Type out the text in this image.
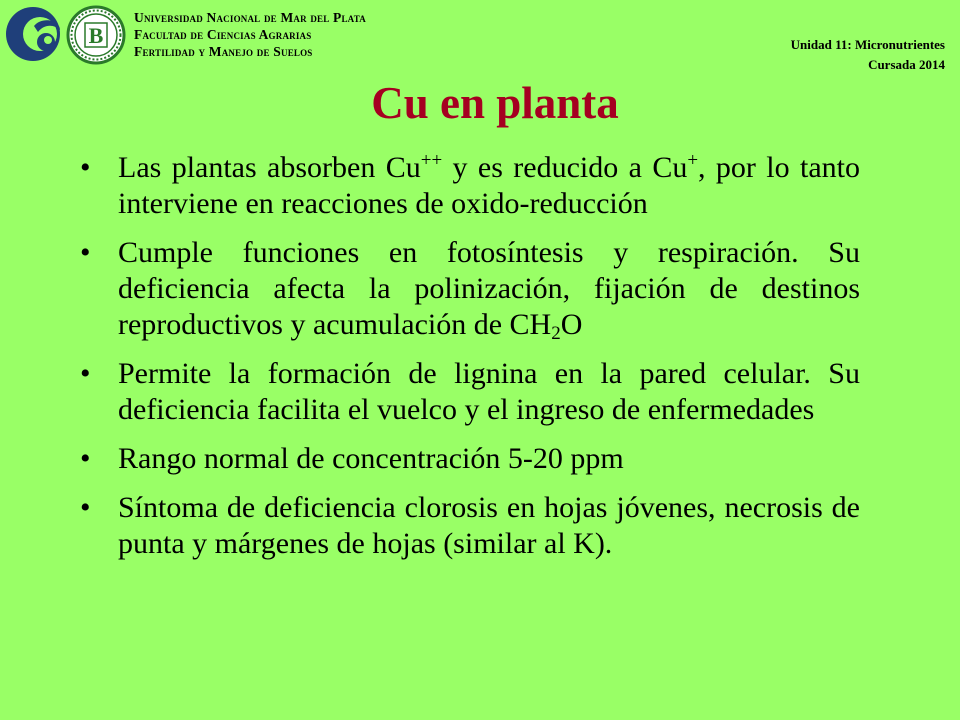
B
Universidad Nacional de Mar del Plata
Facultad de Ciencias Agrarias
Fertilidad y Manejo de Suelos	Unidad 11: Micronutrientes
Cursada 2014
Cu en planta
• Las plantas absorben Cu++ y es reducido a Cu+, por lo tanto interviene en reacciones de oxido-reducción
• Cumple funciones en fotosíntesis y respiración. Su deficiencia afecta la polinización, fijación de destinos reproductivos y acumulación de $CH_2O$
• Permite la formación de lignina en la pared celular. Su deficiencia facilita el vuelco y el ingreso de enfermedades
• Rango normal de concentración 5-20 ppm
• Síntoma de deficiencia clorosis en hojas jóvenes, necrosis de punta y márgenes de hojas (similar al K).
